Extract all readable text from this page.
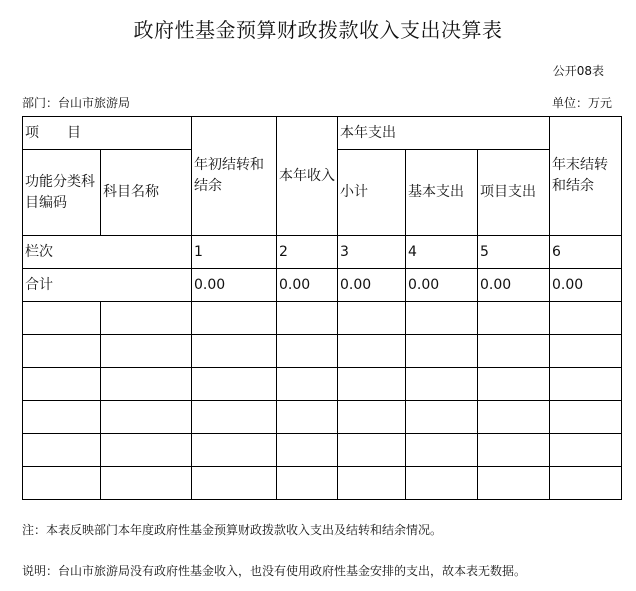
政府性基金预算财政拨款收入支出决算表
公开08表
部门：台山市旅游局	单位：万元
项　　目		年初结转和结余	本年收入	本年支出			年末结转和结余
功能分类科目编码	科目名称			小计	基本支出	项目支出	
栏次		1	2	3	4	5	6
合计		0.00	0.00	0.00	0.00	0.00	0.00

注：本表反映部门本年度政府性基金预算财政拨款收入支出及结转和结余情况。
说明：台山市旅游局没有政府性基金收入，也没有使用政府性基金安排的支出，故本表无数据。
